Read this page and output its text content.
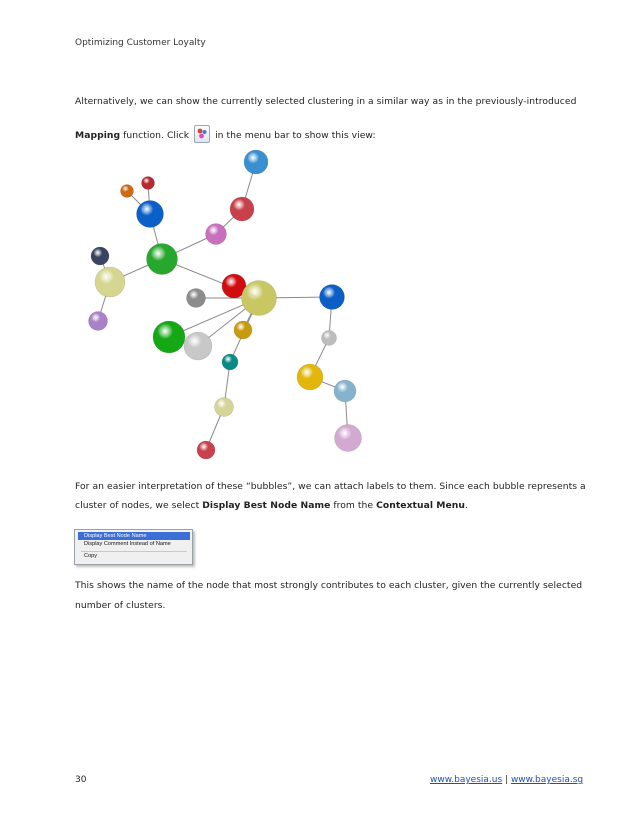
Optimizing Customer Loyalty
Alternatively, we can show the currently selected clustering in a similar way as in the previously-introduced
Mapping function. Click  in the menu bar to show this view:
For an easier interpretation of these “bubbles”, we can attach labels to them. Since each bubble represents a
cluster of nodes, we select Display Best Node Name from the Contextual Menu.
Display Best Node Name
Display Comment Instead of Name
Copy
This shows the name of the node that most strongly contributes to each cluster, given the currently selected
number of clusters.
30	www.bayesia.us | www.bayesia.sg
